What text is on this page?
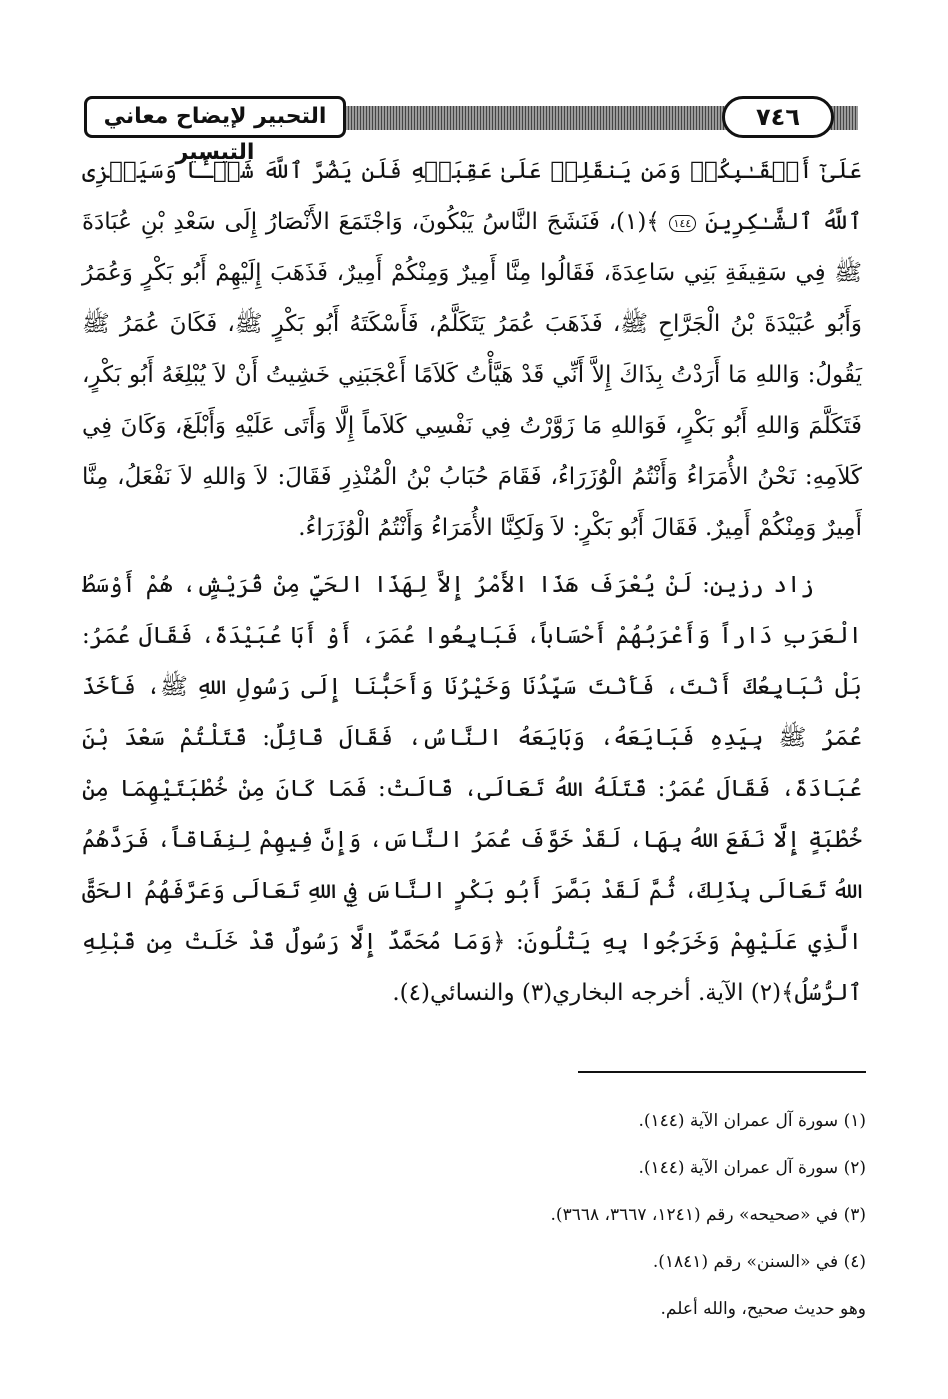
التحبير لإيضاح معاني التيسير
٧٤٦

عَلَىٰٓ أَعۡقَـٰبِكُمۡ وَمَن يَنقَلِبۡ عَلَىٰ عَقِبَيۡهِ فَلَن يَضُرَّ ٱللَّهَ شَيۡـًٔا وَسَيَجۡزِى ٱللَّهُ ٱلشَّـٰكِرِينَ ١٤٤ ﴾(١)، فَنَشَجَ النَّاسُ يَبْكُونَ، وَاجْتَمَعَ الأَنْصَارُ إِلَى سَعْدِ بْنِ عُبَادَةَ ﷺ فِي سَقِيفَةِ بَنِي سَاعِدَةَ، فَقَالُوا مِنَّا أَمِيرٌ وَمِنْكُمْ أَمِيرٌ، فَذَهَبَ إِلَيْهِمْ أَبُو بَكْرٍ وَعُمَرُ وَأَبُو عُبَيْدَةَ بْنُ الْجَرَّاحِ ﷺ، فَذَهَبَ عُمَرُ يَتَكَلَّمُ، فَأَسْكَتَهُ أَبُو بَكْرٍ ﷺ، فَكَانَ عُمَرُ ﷺ يَقُولُ: وَاللهِ مَا أَرَدْتُ بِذَاكَ إِلاَّ أَنِّي قَدْ هَيَّأْتُ كَلاَمًا أَعْجَبَنِي خَشِيتُ أَنْ لاَ يُبْلِغَهُ أَبُو بَكْرٍ، فَتَكَلَّمَ وَاللهِ أَبُو بَكْرٍ، فَوَاللهِ مَا زَوَّرْتُ فِي نَفْسِي كَلاَماً إِلَّا وَأَتَى عَلَيْهِ وَأَبْلَغَ، وَكَانَ فِي كَلاَمِهِ: نَحْنُ الأُمَرَاءُ وَأَنْتُمُ الْوُزَرَاءُ، فَقَامَ حُبَابُ بْنُ الْمُنْذِرِ فَقَالَ: لاَ وَاللهِ لاَ نَفْعَلُ، مِنَّا أَمِيرٌ وَمِنْكُمْ أَمِيرٌ. فَقَالَ أَبُو بَكْرٍ: لاَ وَلَكِنَّا الأُمَرَاءُ وَأَنْتُمُ الْوُزَرَاءُ.

زاد رزين: لَنْ يُعْرَفَ هَذَا الأَمْرُ إِلاَّ لِهَذَا الحَيِّ مِنْ قُرَيْشٍ، هُمْ أَوْسَطُ الْعَرَبِ دَاراً وَأَعْرَبُهُمْ أَحْسَاباً، فَبَايِعُوا عُمَرَ، أَوْ أَبَا عُبَيْدَةَ، فَقَالَ عُمَرُ: بَلْ نُبَايِعُكَ أَنْتَ، فَأَنْتَ سَيِّدُنَا وَخَيْرُنَا وَأَحَبُّنَا إِلَى رَسُولِ اللهِ ﷺ، فَأَخَذَ عُمَرُ ﷺ بِيَدِهِ فَبَايَعَهُ، وَبَايَعَهُ النَّاسُ، فَقَالَ قَائِلٌ: قَتَلْتُمْ سَعْدَ بْنَ عُبَادَةَ، فَقَالَ عُمَرُ: قَتَلَهُ اللهُ تَعَالَى، قَالَتْ: فَمَا كَانَ مِنْ خُطْبَتَيْهِمَا مِنْ خُطْبَةٍ إِلَّا نَفَعَ اللهُ بِهَا، لَقَدْ خَوَّفَ عُمَرُ النَّاسَ، وَإِنَّ فِيهِمْ لِنِفَاقاً، فَرَدَّهُمُ اللهُ تَعَالَى بِذَلِكَ، ثُمَّ لَقَدْ بَصَّرَ أَبُو بَكْرٍ النَّاسَ فِي اللهِ تَعَالَى وَعَرَّفَهُمُ الحَقَّ الَّذِي عَلَيْهِمْ وَخَرَجُوا بِهِ يَتْلُونَ: ﴿وَمَا مُحَمَّدٌ إِلَّا رَسُولٌ قَدْ خَلَتْ مِن قَبْلِهِ ٱلرُّسُلُ﴾(٢) الآية. أخرجه البخاري(٣) والنسائي(٤).

(١) سورة آل عمران الآية (١٤٤).
(٢) سورة آل عمران الآية (١٤٤).
(٣) في «صحيحه» رقم (١٢٤١، ٣٦٦٧، ٣٦٦٨).
(٤) في «السنن» رقم (١٨٤١).
وهو حديث صحيح، والله أعلم.
